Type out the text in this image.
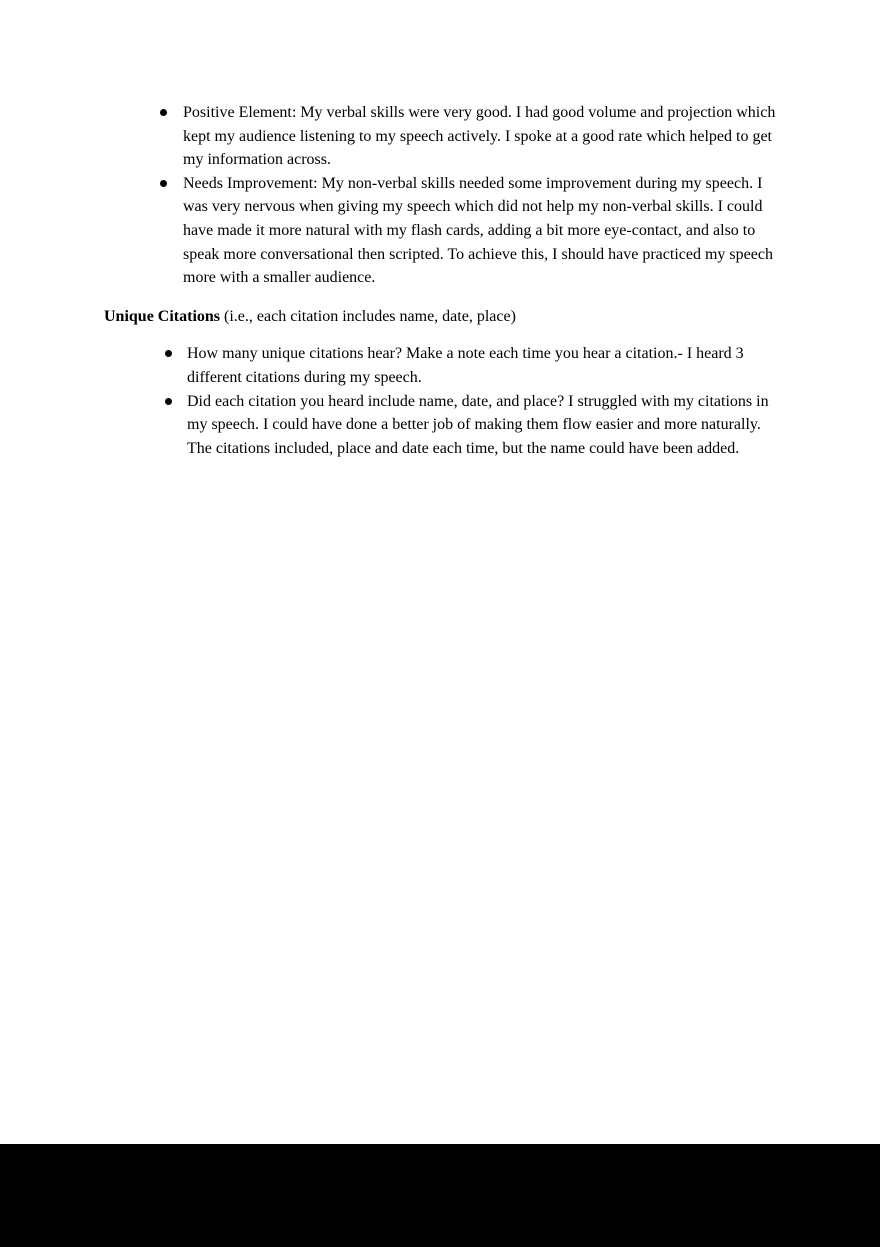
Positive Element: My verbal skills were very good. I had good volume and projection which kept my audience listening to my speech actively. I spoke at a good rate which helped to get my information across.
Needs Improvement: My non-verbal skills needed some improvement during my speech. I was very nervous when giving my speech which did not help my non-verbal skills. I could have made it more natural with my flash cards, adding a bit more eye-contact, and also to speak more conversational then scripted. To achieve this, I should have practiced my speech more with a smaller audience.

Unique Citations (i.e., each citation includes name, date, place)

How many unique citations hear? Make a note each time you hear a citation.- I heard 3 different citations during my speech.
Did each citation you heard include name, date, and place? I struggled with my citations in my speech. I could have done a better job of making them flow easier and more naturally. The citations included, place and date each time, but the name could have been added.
